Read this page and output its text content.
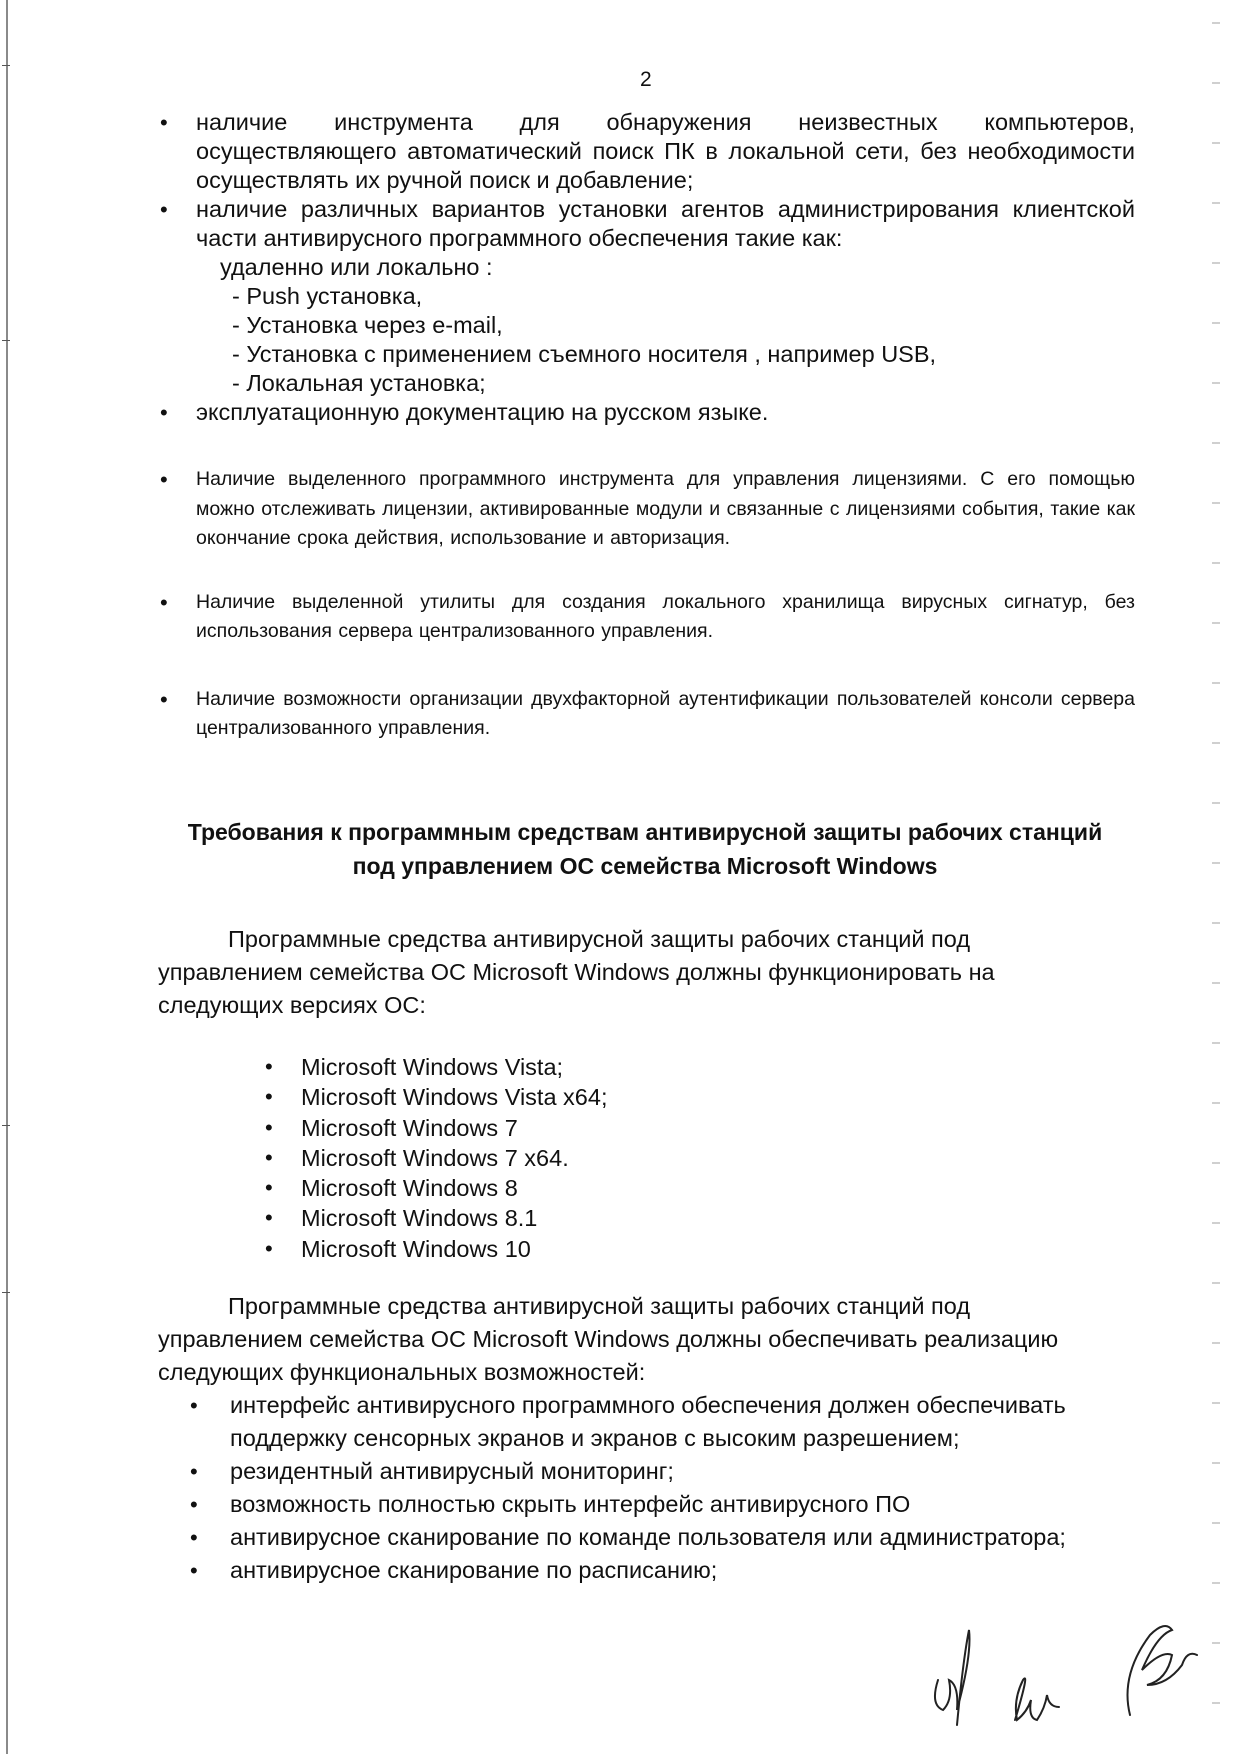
2
• наличие инструмента для обнаружения неизвестных компьютеров, осуществляющего автоматический поиск ПК в локальной сети, без необходимости осуществлять их ручной поиск и добавление;
• наличие различных вариантов установки агентов администрирования клиентской части антивирусного программного обеспечения такие как:
удаленно или локально :
- Push установка,
- Установка через e-mail,
- Установка с применением съемного носителя , например USB,
- Локальная установка;
• эксплуатационную документацию на русском языке.
• Наличие выделенного программного инструмента для управления лицензиями. С его помощью можно отслеживать лицензии, активированные модули и связанные с лицензиями события, такие как окончание срока действия, использование и авторизация.
• Наличие выделенной утилиты для создания локального хранилища вирусных сигнатур, без использования сервера централизованного управления.
• Наличие возможности организации двухфакторной аутентификации пользователей консоли сервера централизованного управления.
Требования к программным средствам антивирусной защиты рабочих станций
под управлением ОС семейства Microsoft Windows
Программные средства антивирусной защиты рабочих станций под
управлением семейства ОС Microsoft Windows должны функционировать на
следующих версиях ОС:
• Microsoft Windows Vista;
• Microsoft Windows Vista x64;
• Microsoft Windows 7
• Microsoft Windows 7 x64.
• Microsoft Windows 8
• Microsoft Windows 8.1
• Microsoft Windows 10
Программные средства антивирусной защиты рабочих станций под
управлением семейства ОС Microsoft Windows должны обеспечивать реализацию
следующих функциональных возможностей:
• интерфейс антивирусного программного обеспечения должен обеспечивать поддержку сенсорных экранов и экранов с высоким разрешением;
• резидентный антивирусный мониторинг;
• возможность полностью скрыть интерфейс антивирусного ПО
• антивирусное сканирование по команде пользователя или администратора;
• антивирусное сканирование по расписанию;
